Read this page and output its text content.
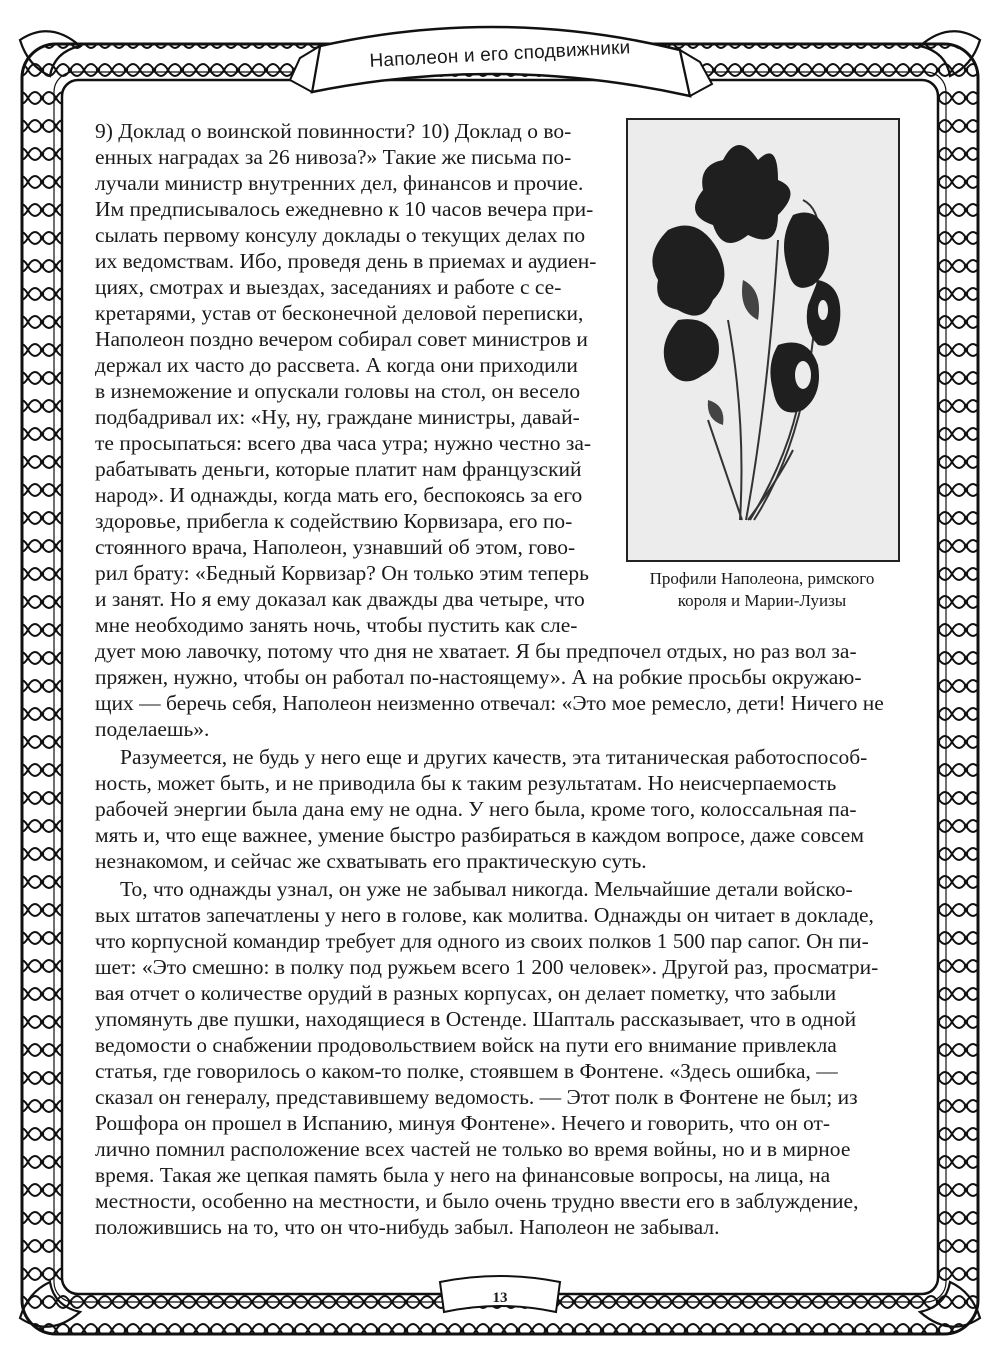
Наполеон и его сподвижники

9) Доклад о воинской повинности? 10) Доклад о во-

енных наградах за 26 нивоза?» Такие же письма по-

лучали министр внутренних дел, финансов и прочие.

Им предписывалось ежедневно к 10 часов вечера при-

сылать первому консулу доклады о текущих делах по

их ведомствам. Ибо, проведя день в приемах и аудиен-

циях, смотрах и выездах, заседаниях и работе с се-

кретарями, устав от бесконечной деловой переписки,

Наполеон поздно вечером собирал совет министров и

держал их часто до рассвета. А когда они приходили

в изнеможение и опускали головы на стол, он весело

подбадривал их: «Ну, ну, граждане министры, давай-

те просыпаться: всего два часа утра; нужно честно за-

рабатывать деньги, которые платит нам французский

народ». И однажды, когда мать его, беспокоясь за его

здоровье, прибегла к содействию Корвизара, его по-

стоянного врача, Наполеон, узнавший об этом, гово-

рил брату: «Бедный Корвизар? Он только этим теперь

и занят. Но я ему доказал как дважды два четыре, что

мне необходимо занять ночь, чтобы пустить как сле-

дует мою лавочку, потому что дня не хватает. Я бы предпочел отдых, но раз вол за-

пряжен, нужно, чтобы он работал по-настоящему». А на робкие просьбы окружаю-

щих — беречь себя, Наполеон неизменно отвечал: «Это мое ремесло, дети! Ничего не

поделаешь».

Разумеется, не будь у него еще и других качеств, эта титаническая работоспособ-

ность, может быть, и не приводила бы к таким результатам. Но неисчерпаемость

рабочей энергии была дана ему не одна. У него была, кроме того, колоссальная па-

мять и, что еще важнее, умение быстро разбираться в каждом вопросе, даже совсем

незнакомом, и сейчас же схватывать его практическую суть.

То, что однажды узнал, он уже не забывал никогда. Мельчайшие детали войско-

вых штатов запечатлены у него в голове, как молитва. Однажды он читает в докладе,

что корпусной командир требует для одного из своих полков 1 500 пар сапог. Он пи-

шет: «Это смешно: в полку под ружьем всего 1 200 человек». Другой раз, просматри-

вая отчет о количестве орудий в разных корпусах, он делает пометку, что забыли

упомянуть две пушки, находящиеся в Остенде. Шапталь рассказывает, что в одной

ведомости о снабжении продовольствием войск на пути его внимание привлекла

статья, где говорилось о каком-то полке, стоявшем в Фонтене. «Здесь ошибка, —

сказал он генералу, представившему ведомость. — Этот полк в Фонтене не был; из

Рошфора он прошел в Испанию, минуя Фонтене». Нечего и говорить, что он от-

лично помнил расположение всех частей не только во время войны, но и в мирное

время. Такая же цепкая память была у него на финансовые вопросы, на лица, на

местности, особенно на местности, и было очень трудно ввести его в заблуждение,

положившись на то, что он что-нибудь забыл. Наполеон не забывал.

Профили Наполеона, римского

короля и Марии-Луизы

13
